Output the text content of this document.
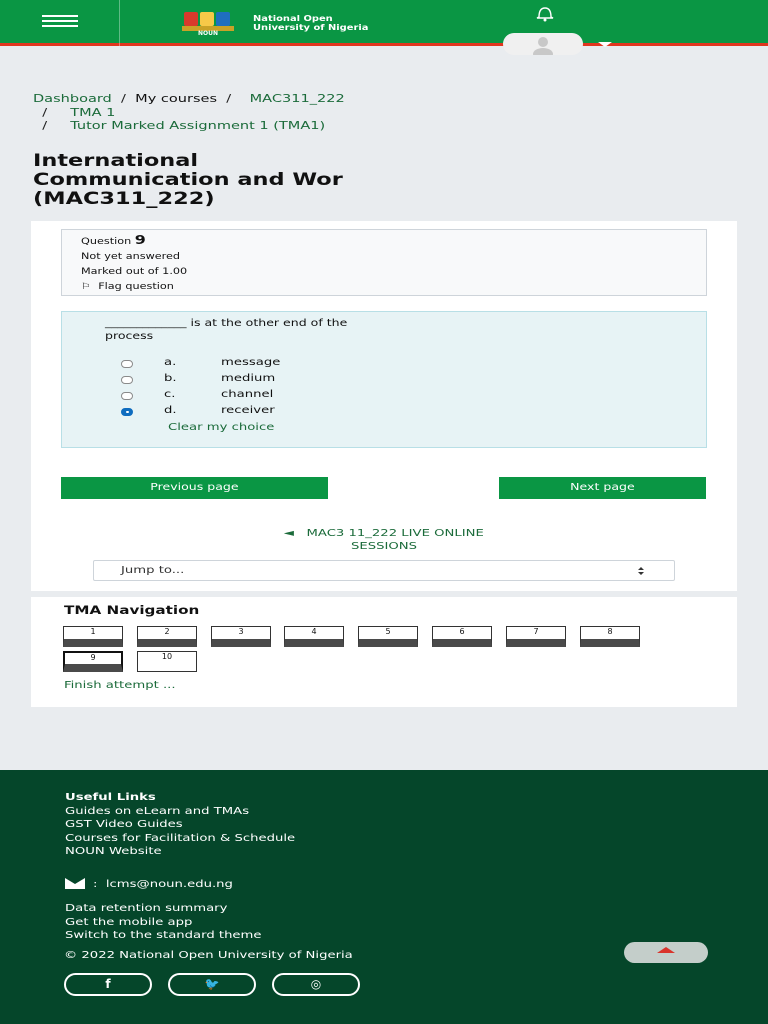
NOUN
National Open
University of Nigeria
Dashboard / My courses / MAC311_222
/ TMA 1
/ Tutor Marked Assignment 1 (TMA1)
International
Communication and Wor
(MAC311_222)
Question 9
Not yet answered
Marked out of 1.00
⚐ Flag question
_____________ is at the other end of the
process
a.	message
b.	medium
c.	channel
d.	receiver
Clear my choice
Previous page	Next page
◄ MAC3 11_222 LIVE ONLINE
SESSIONS
Jump to...
TMA Navigation
1	2	3	4	5	6	7	8
9	10
Finish attempt ...
Useful Links
Guides on eLearn and TMAs
GST Video Guides
Courses for Facilitation & Schedule
NOUN Website
: lcms@noun.edu.ng
Data retention summary
Get the mobile app
Switch to the standard theme
© 2022 National Open University of Nigeria
f	🐦	◎
